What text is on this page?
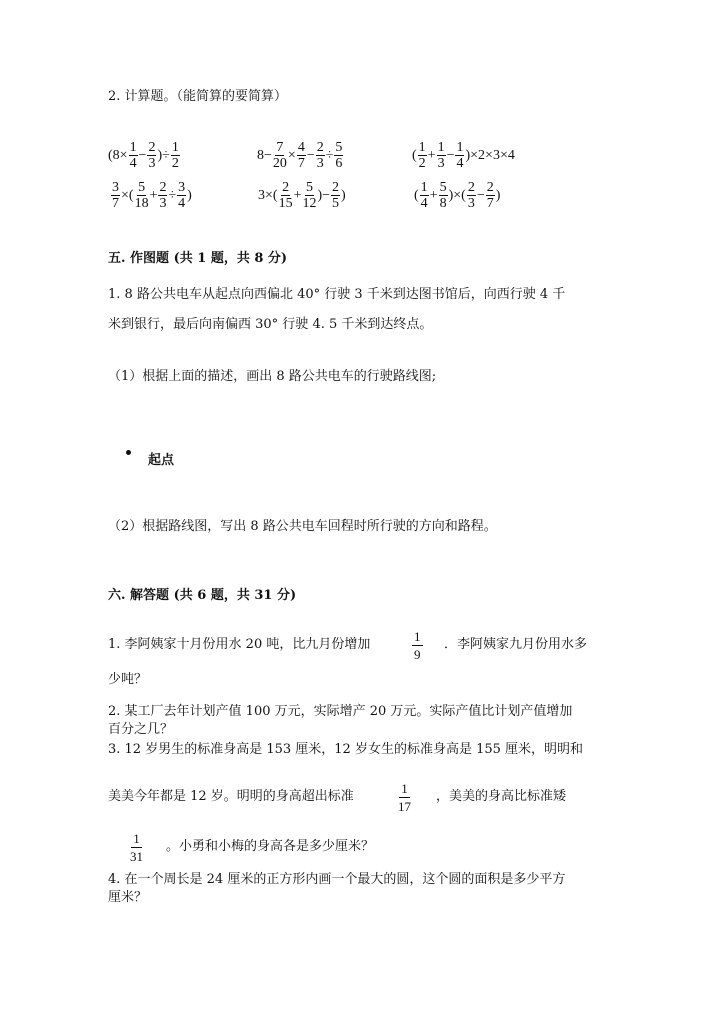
2. 计算题。（能简算的要简算）
($8\times \frac{1}{4} - \frac{2}{3}$ )÷ $\frac{1}{2}$	$8- \frac{7}{20} \times \frac{4}{7} - \frac{2}{3} \div \frac{5}{6}$	( $\frac{1}{2} + \frac{1}{3} - \frac{1}{4} )\times 2\times 3\times 4$
$\frac{3}{7}$ ×( $\frac{5}{18} + \frac{2}{3} \div \frac{3}{4}$ )	$3\times( \frac{2}{15} + \frac{5}{12}$ )− $\frac{2}{5}$ )	( $\frac{1}{4} + \frac{5}{8}$ )×( $\frac{2}{3} - \frac{2}{7}$ )
五. 作图题 (共 1 题，共 8 分)
1. 8 路公共电车从起点向西偏北 40° 行驶 3 千米到达图书馆后，向西行驶 4 千
米到银行，最后向南偏西 30° 行驶 4. 5 千米到达终点。
（1）根据上面的描述，画出 8 路公共电车的行驶路线图;
起点
（2）根据路线图，写出 8 路公共电车回程时所行驶的方向和路程。
六. 解答题 (共 6 题，共 31 分)
1. 李阿姨家十月份用水 20 吨，比九月份增加	$\frac{1}{9}$ ．李阿姨家九月份用水多
少吨？
2. 某工厂去年计划产值 100 万元，实际增产 20 万元。实际产值比计划产值增加
百分之几？
3. 12 岁男生的标准身高是 153 厘米，12 岁女生的标准身高是 155 厘米，明明和
美美今年都是 12 岁。明明的身高超出标准	$\frac{1}{17}$ ，美美的身高比标准矮
$\frac{1}{31}$ 。小勇和小梅的身高各是多少厘米？
4. 在一个周长是 24 厘米的正方形内画一个最大的圆，这个圆的面积是多少平方
厘米？
